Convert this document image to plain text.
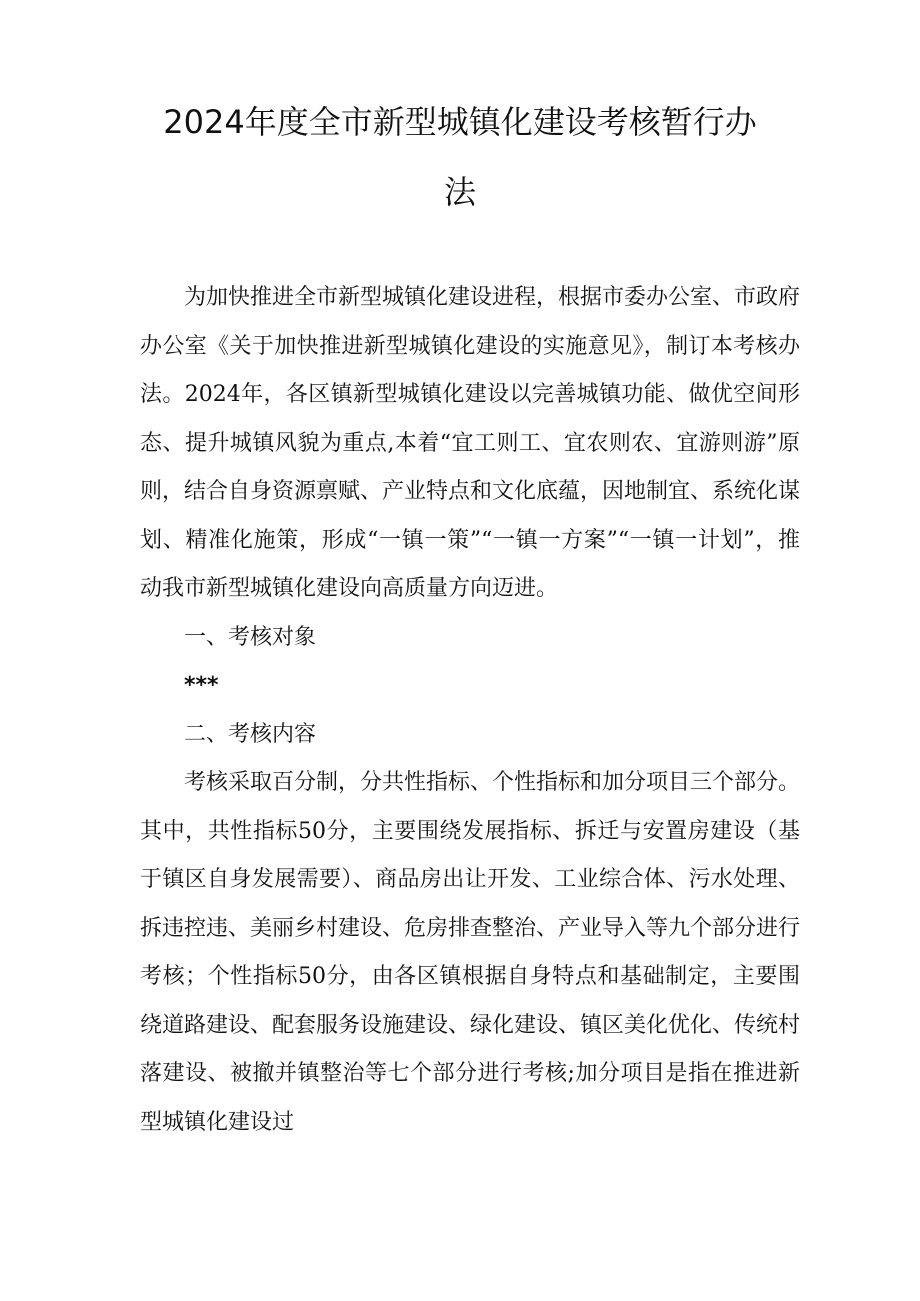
2024年度全市新型城镇化建设考核暂行办
法

为加快推进全市新型城镇化建设进程，根据市委办公室、市政府办公室《关于加快推进新型城镇化建设的实施意见》，制订本考核办法。2024年，各区镇新型城镇化建设以完善城镇功能、做优空间形态、提升城镇风貌为重点,本着“宜工则工、宜农则农、宜游则游”原则，结合自身资源禀赋、产业特点和文化底蕴，因地制宜、系统化谋划、精准化施策，形成“一镇一策”“一镇一方案”“一镇一计划”，推动我市新型城镇化建设向高质量方向迈进。

一、考核对象

***

二、考核内容

考核采取百分制，分共性指标、个性指标和加分项目三个部分。其中，共性指标50分，主要围绕发展指标、拆迁与安置房建设（基于镇区自身发展需要）、商品房出让开发、工业综合体、污水处理、拆违控违、美丽乡村建设、危房排查整治、产业导入等九个部分进行考核；个性指标50分，由各区镇根据自身特点和基础制定，主要围绕道路建设、配套服务设施建设、绿化建设、镇区美化优化、传统村落建设、被撤并镇整治等七个部分进行考核;加分项目是指在推进新型城镇化建设过
